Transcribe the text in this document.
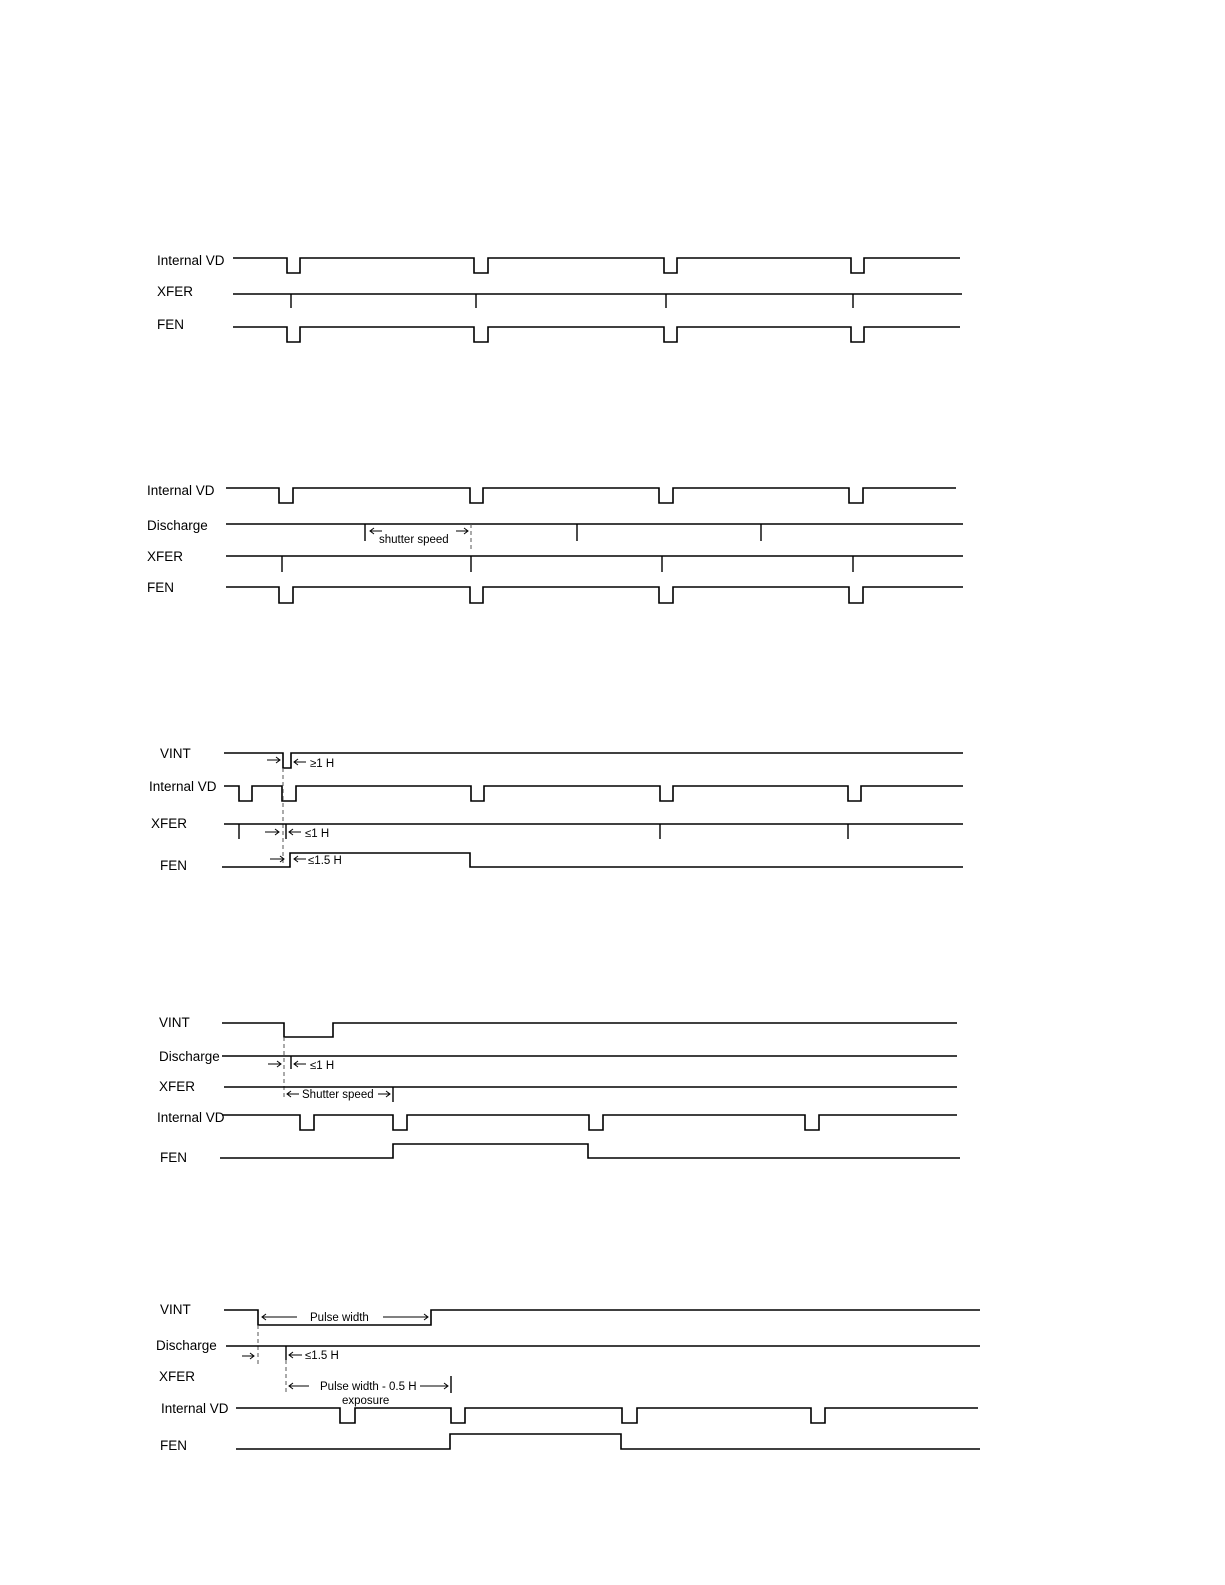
Internal VD
XFER
FEN
Internal VD
Discharge
XFER
FEN
shutter speed
VINT
Internal VD
XFER
FEN
≥1 H
≤1 H
≤1.5 H
VINT
Discharge
XFER
Internal VD
FEN
≤1 H
Shutter speed
VINT
Discharge
XFER
Internal VD
FEN
Pulse width
≤1.5 H
Pulse width - 0.5 H
exposure
